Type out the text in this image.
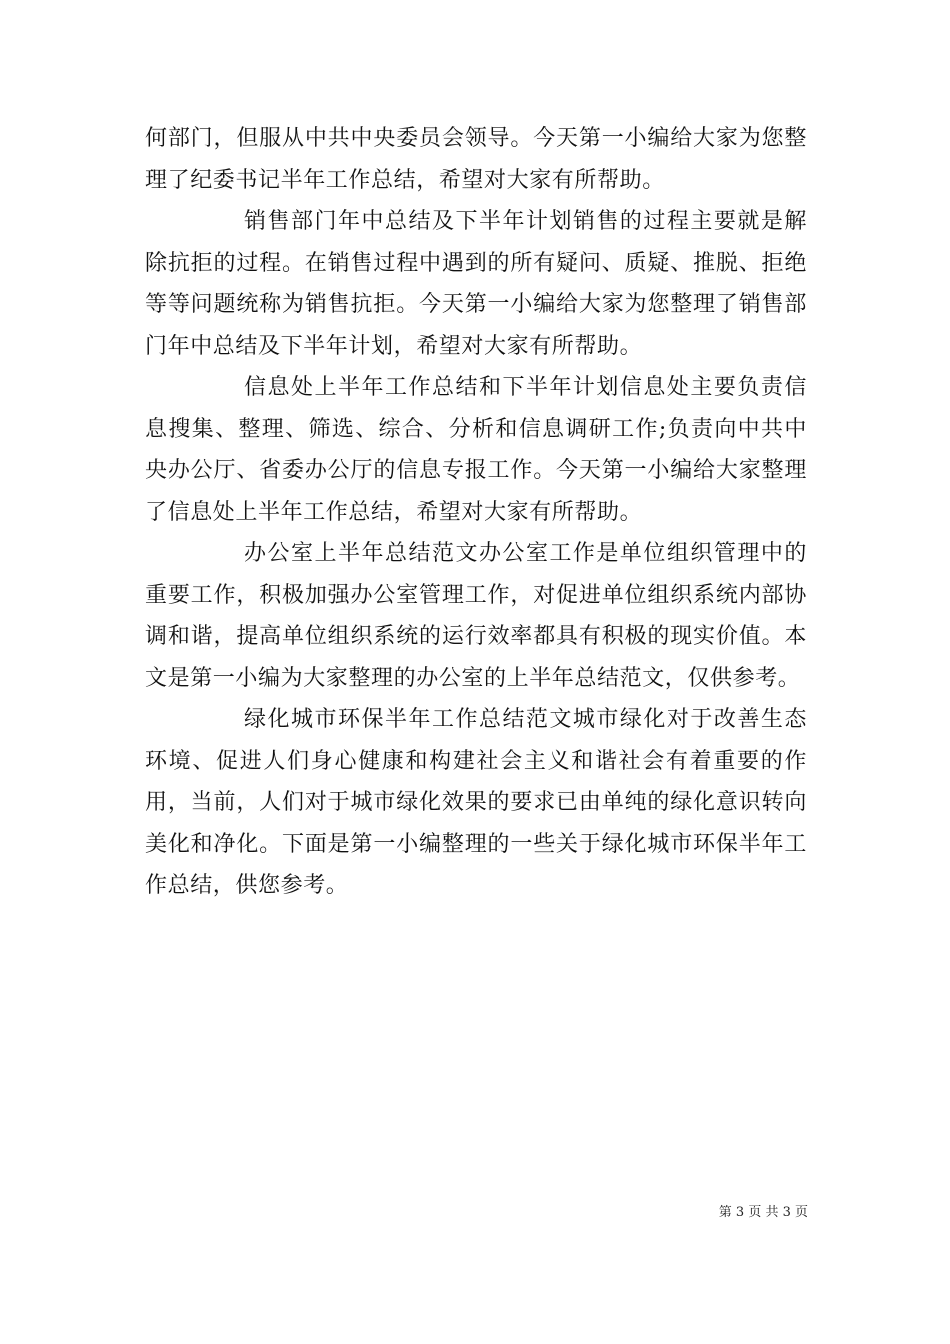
何部门，但服从中共中央委员会领导。今天第一小编给大家为您整理了纪委书记半年工作总结，希望对大家有所帮助。

销售部门年中总结及下半年计划销售的过程主要就是解除抗拒的过程。在销售过程中遇到的所有疑问、质疑、推脱、拒绝等等问题统称为销售抗拒。今天第一小编给大家为您整理了销售部门年中总结及下半年计划，希望对大家有所帮助。

信息处上半年工作总结和下半年计划信息处主要负责信息搜集、整理、筛选、综合、分析和信息调研工作;负责向中共中央办公厅、省委办公厅的信息专报工作。今天第一小编给大家整理了信息处上半年工作总结，希望对大家有所帮助。

办公室上半年总结范文办公室工作是单位组织管理中的重要工作，积极加强办公室管理工作，对促进单位组织系统内部协调和谐，提高单位组织系统的运行效率都具有积极的现实价值。本文是第一小编为大家整理的办公室的上半年总结范文，仅供参考。

绿化城市环保半年工作总结范文城市绿化对于改善生态环境、促进人们身心健康和构建社会主义和谐社会有着重要的作用，当前，人们对于城市绿化效果的要求已由单纯的绿化意识转向美化和净化。下面是第一小编整理的一些关于绿化城市环保半年工作总结，供您参考。

第 3 页 共 3 页
